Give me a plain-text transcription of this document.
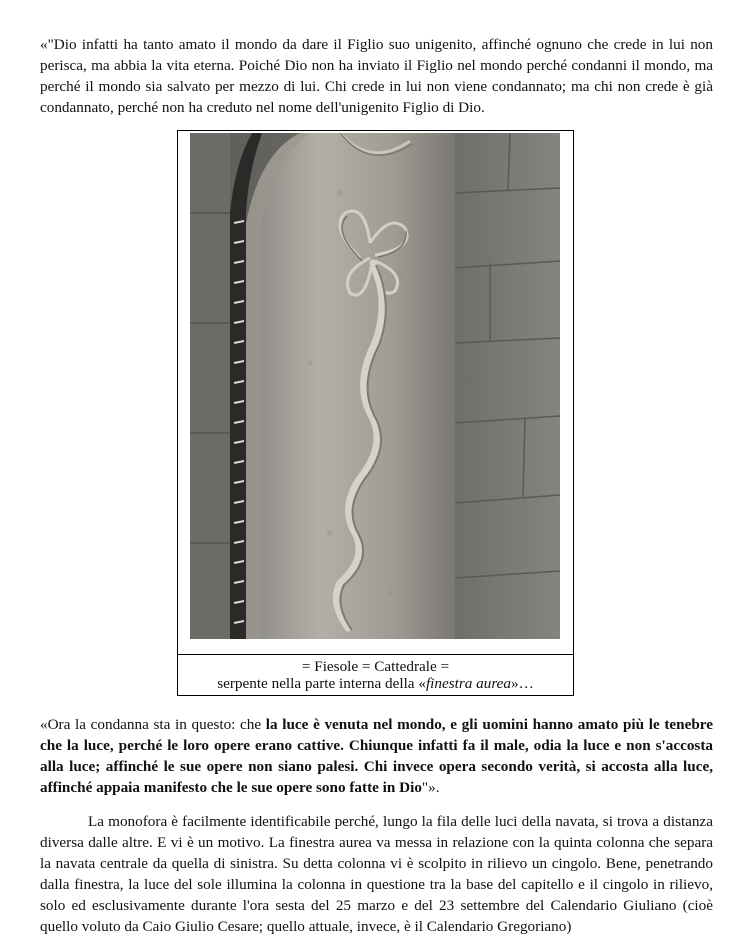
«"Dio infatti ha tanto amato il mondo da dare il Figlio suo unigenito, affinché ognuno che crede in lui non perisca, ma abbia la vita eterna. Poiché Dio non ha inviato il Figlio nel mondo perché condanni il mondo, ma perché il mondo sia salvato per mezzo di lui. Chi crede in lui non viene condannato; ma chi non crede è già condannato, perché non ha creduto nel nome dell'unigenito Figlio di Dio.

= Fiesole = Cattedrale =
serpente nella parte interna della «finestra aurea»…

«Ora la condanna sta in questo: che la luce è venuta nel mondo, e gli uomini hanno amato più le tenebre che la luce, perché le loro opere erano cattive. Chiunque infatti fa il male, odia la luce e non s'accosta alla luce; affinché le sue opere non siano palesi. Chi invece opera secondo verità, si accosta alla luce, affinché appaia manifesto che le sue opere sono fatte in Dio"».

La monofora è facilmente identificabile perché, lungo la fila delle luci della navata, si trova a distanza diversa dalle altre. E vi è un motivo. La finestra aurea va messa in relazione con la quinta colonna che separa la navata centrale da quella di sinistra. Su detta colonna vi è scolpito in rilievo un cingolo. Bene, penetrando dalla finestra, la luce del sole illumina la colonna in questione tra la base del capitello e il cingolo in rilievo, solo ed esclusivamente durante l'ora sesta del 25 marzo e del 23 settembre del Calendario Giuliano (cioè quello voluto da Caio Giulio Cesare; quello attuale, invece, è il Calendario Gregoriano)
